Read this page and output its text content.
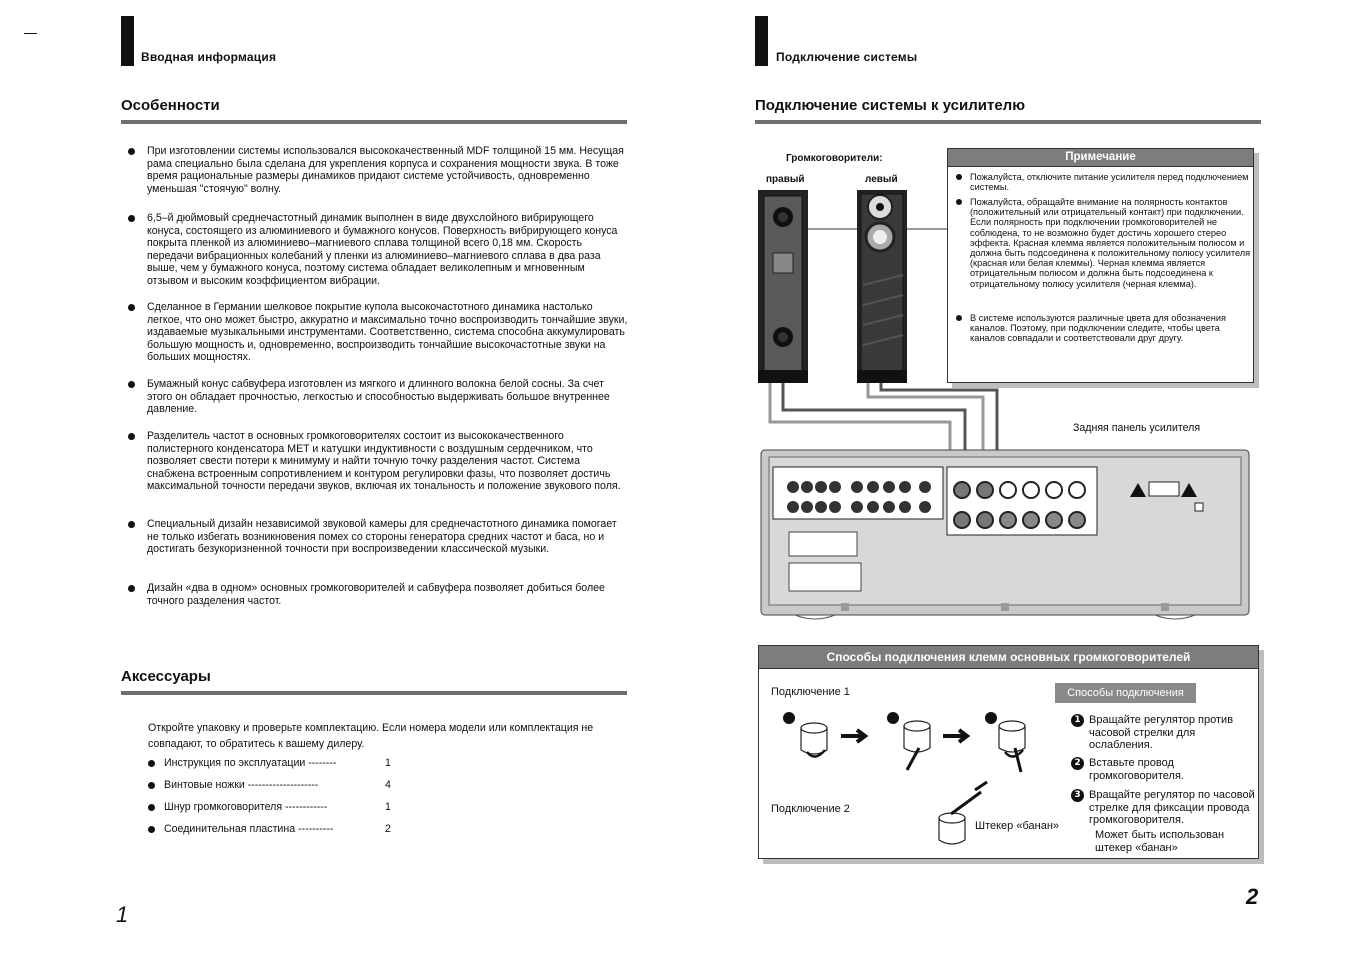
Вводная информация
Особенности
При изготовлении системы использовался высококачественный MDF толщиной 15 мм. Несущая рама специально была сделана для укрепления корпуса и сохранения мощности звука. В тоже время рациональные размеры динамиков придают системе устойчивость, одновременно уменьшая "стоячую" волну.
6,5–й дюймовый среднечастотный динамик выполнен в виде двухслойного вибрирующего конуса, состоящего из алюминиевого и бумажного конусов. Поверхность вибрирующего конуса покрыта пленкой из алюминиево–магниевого сплава толщиной всего 0,18 мм. Скорость передачи вибрационных колебаний у пленки из алюминиево–магниевого сплава в два раза выше, чем у бумажного конуса, поэтому система обладает великолепным и мгновенным отзывом и высоким коэффициентом вибрации.
Сделанное в Германии шелковое покрытие купола высокочастотного динамика настолько легкое, что оно может быстро, аккуратно и максимально точно воспроизводить тончайшие звуки, издаваемые музыкальными инструментами. Соответственно, система способна аккумулировать большую мощность и, одновременно, воспроизводить тончайшие высокочастотные звуки на больших мощностях.
Бумажный конус сабвуфера изготовлен из мягкого и длинного волокна белой сосны. За счет этого он обладает прочностью, легкостью и способностью выдерживать большое внутреннее давление.
Разделитель частот в основных громкоговорителях состоит из высококачественного полистерного конденсатора MET и катушки индуктивности с воздушным сердечником, что позволяет свести потери к минимуму и найти точную точку разделения частот. Система снабжена встроенным сопротивлением и контуром регулировки фазы, что позволяет достичь максимальной точности передачи звуков, включая их тональность и положение звукового поля.
Специальный дизайн независимой звуковой камеры для среднечастотного динамика помогает не только избегать возникновения помех со стороны генератора средних частот и баса, но и достигать безукоризненной точности при воспроизведении классической музыки.
Дизайн «два в одном» основных громкоговорителей и сабвуфера позволяет добиться более точного разделения частот.
Аксессуары
Откройте упаковку и проверьте комплектацию. Если номера модели или комплектация не совпадают, то обратитесь к вашему дилеру.
Инструкция по эксплуатации --------	1
Винтовые ножки --------------------	4
Шнур громкоговорителя ------------	1
Соединительная пластина ----------	2
1
Подключение системы
Подключение системы к усилителю
Громкоговорители:
правый	левый
Задняя панель усилителя
Примечание
Пожалуйста, отключите питание усилителя перед подключением системы.
Пожалуйста, обращайте внимание на полярность контактов (положительный или отрицательный контакт) при подключении. Если полярность при подключении громкоговорителей не соблюдена, то не возможно будет достичь хорошего стерео эффекта. Красная клемма является положительным полюсом и должна быть подсоединена к положительному полюсу усилителя (красная или белая клеммы). Черная клемма является отрицательным полюсом и должна быть подсоединена к отрицательному полюсу усилителя (черная клемма).
В системе используются различные цвета для обозначения каналов. Поэтому, при подключении следите, чтобы цвета каналов совпадали и соответствовали друг другу.
Способы подключения клемм основных громкоговорителей
Подключение 1
Подключение 2
Способы подключения
Штекер «банан»
1 Вращайте регулятор против часовой стрелки для ослабления.
2 Вставьте провод громкоговорителя.
3 Вращайте регулятор по часовой стрелке для фиксации провода громкоговорителя.
Может быть использован штекер «банан»
2
